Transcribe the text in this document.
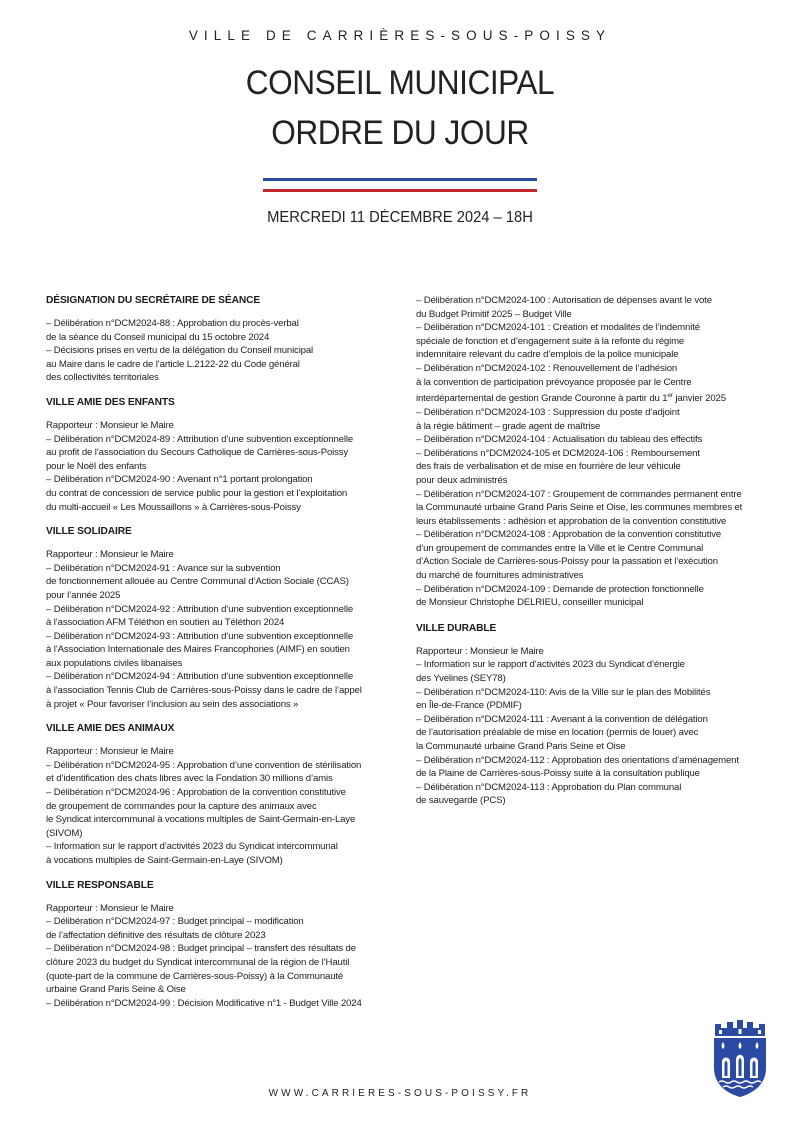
VILLE DE CARRIÈRES-SOUS-POISSY
CONSEIL MUNICIPAL
ORDRE DU JOUR
MERCREDI 11 DÉCEMBRE 2024 – 18H
DÉSIGNATION DU SECRÉTAIRE DE SÉANCE
– Délibération n°DCM2024-88 : Approbation du procès-verbal
de la séance du Conseil municipal du 15 octobre 2024
– Décisions prises en vertu de la délégation du Conseil municipal
au Maire dans le cadre de l’article L.2122-22 du Code général
des collectivités territoriales
VILLE AMIE DES ENFANTS
Rapporteur : Monsieur le Maire
– Délibération n°DCM2024-89 : Attribution d’une subvention exceptionnelle
au profit de l’association du Secours Catholique de Carrières-sous-Poissy
pour le Noël des enfants
– Délibération n°DCM2024-90 : Avenant n°1 portant prolongation
du contrat de concession de service public pour la gestion et l’exploitation
du multi-accueil « Les Moussaillons » à Carrières-sous-Poissy
VILLE SOLIDAIRE
Rapporteur : Monsieur le Maire
– Délibération n°DCM2024-91 : Avance sur la subvention
de fonctionnement allouée au Centre Communal d’Action Sociale (CCAS)
pour l’année 2025
– Délibération n°DCM2024-92 : Attribution d’une subvention exceptionnelle
à l’association AFM Téléthon en soutien au Téléthon 2024
– Délibération n°DCM2024-93 : Attribution d’une subvention exceptionnelle
à l’Association Internationale des Maires Francophones (AIMF) en soutien
aux populations civiles libanaises
– Délibération n°DCM2024-94 : Attribution d’une subvention exceptionnelle
à l’association Tennis Club de Carrières-sous-Poissy dans le cadre de l’appel
à projet « Pour favoriser l’inclusion au sein des associations »
VILLE AMIE DES ANIMAUX
Rapporteur : Monsieur le Maire
– Délibération n°DCM2024-95 : Approbation d’une convention de stérilisation
et d’identification des chats libres avec la Fondation 30 millions d’amis
– Délibération n°DCM2024-96 : Approbation de la convention constitutive
de groupement de commandes pour la capture des animaux avec
le Syndicat intercommunal à vocations multiples de Saint-Germain-en-Laye
(SIVOM)
– Information sur le rapport d’activités 2023 du Syndicat intercommunal
à vocations multiples de Saint-Germain-en-Laye (SIVOM)
VILLE RESPONSABLE
Rapporteur : Monsieur le Maire
– Délibération n°DCM2024-97 : Budget principal – modification
de l’affectation définitive des résultats de clôture 2023
– Délibération n°DCM2024-98 : Budget principal – transfert des résultats de
clôture 2023 du budget du Syndicat intercommunal de la région de l’Hautil
(quote-part de la commune de Carrières-sous-Poissy) à la Communauté
urbaine Grand Paris Seine & Oise
– Délibération n°DCM2024-99 : Décision Modificative n°1 - Budget Ville 2024
– Délibération n°DCM2024-100 : Autorisation de dépenses avant le vote
du Budget Primitif 2025 – Budget Ville
– Délibération n°DCM2024-101 : Création et modalités de l’indemnité
spéciale de fonction et d’engagement suite à la refonte du régime
indemnitaire relevant du cadre d’emplois de la police municipale
– Délibération n°DCM2024-102 : Renouvellement de l’adhésion
à la convention de participation prévoyance proposée par le Centre
interdépartemental de gestion Grande Couronne à partir du 1er janvier 2025
– Délibération n°DCM2024-103 : Suppression du poste d’adjoint
à la régie bâtiment – grade agent de maîtrise
– Délibération n°DCM2024-104 : Actualisation du tableau des effectifs
– Délibérations n°DCM2024-105 et DCM2024-106 : Remboursement
des frais de verbalisation et de mise en fourrière de leur véhicule
pour deux administrés
– Délibération n°DCM2024-107 : Groupement de commandes permanent entre
la Communauté urbaine Grand Paris Seine et Oise, les communes membres et
leurs établissements : adhésion et approbation de la convention constitutive
– Délibération n°DCM2024-108 : Approbation de la convention constitutive
d’un groupement de commandes entre la Ville et le Centre Communal
d’Action Sociale de Carrières-sous-Poissy pour la passation et l’exécution
du marché de fournitures administratives
– Délibération n°DCM2024-109 : Demande de protection fonctionnelle
de Monsieur Christophe DELRIEU, conseiller municipal
VILLE DURABLE
Rapporteur : Monsieur le Maire
– Information sur le rapport d’activités 2023 du Syndicat d’énergie
des Yvelines (SEY78)
– Délibération n°DCM2024-110: Avis de la Ville sur le plan des Mobilités
en Île-de-France (PDMIF)
– Délibération n°DCM2024-111 : Avenant à la convention de délégation
de l’autorisation préalable de mise en location (permis de louer) avec
la Communauté urbaine Grand Paris Seine et Oise
– Délibération n°DCM2024-112 : Approbation des orientations d’aménagement
de la Plaine de Carrières-sous-Poissy suite à la consultation publique
– Délibération n°DCM2024-113 : Approbation du Plan communal
de sauvegarde (PCS)
WWW.CARRIERES-SOUS-POISSY.FR
